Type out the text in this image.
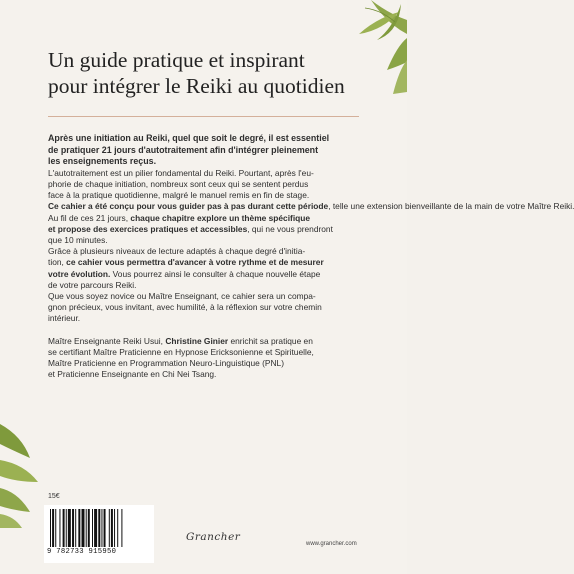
Un guide pratique et inspirant
pour intégrer le Reiki au quotidien
Après une initiation au Reiki, quel que soit le degré, il est essentiel
de pratiquer 21 jours d'autotraitement afin d'intégrer pleinement
les enseignements reçus.
L'autotraitement est un pilier fondamental du Reiki. Pourtant, après l'eu-
phorie de chaque initiation, nombreux sont ceux qui se sentent perdus
face à la pratique quotidienne, malgré le manuel remis en fin de stage.
Ce cahier a été conçu pour vous guider pas à pas durant cette période, telle une extension bienveillante de la main de votre Maître Reiki.
Au fil de ces 21 jours, chaque chapitre explore un thème spécifique
et propose des exercices pratiques et accessibles, qui ne vous prendront
que 10 minutes.
Grâce à plusieurs niveaux de lecture adaptés à chaque degré d'initia-
tion, ce cahier vous permettra d'avancer à votre rythme et de mesurer
votre évolution. Vous pourrez ainsi le consulter à chaque nouvelle étape
de votre parcours Reiki.
Que vous soyez novice ou Maître Enseignant, ce cahier sera un compa-
gnon précieux, vous invitant, avec humilité, à la réflexion sur votre chemin
intérieur.
Maître Enseignante Reiki Usui, Christine Ginier enrichit sa pratique en
se certifiant Maître Praticienne en Hypnose Ericksonienne et Spirituelle,
Maître Praticienne en Programmation Neuro-Linguistique (PNL)
et Praticienne Enseignante en Chi Nei Tsang.
15€
9 782733 915950
Grancher
www.grancher.com
